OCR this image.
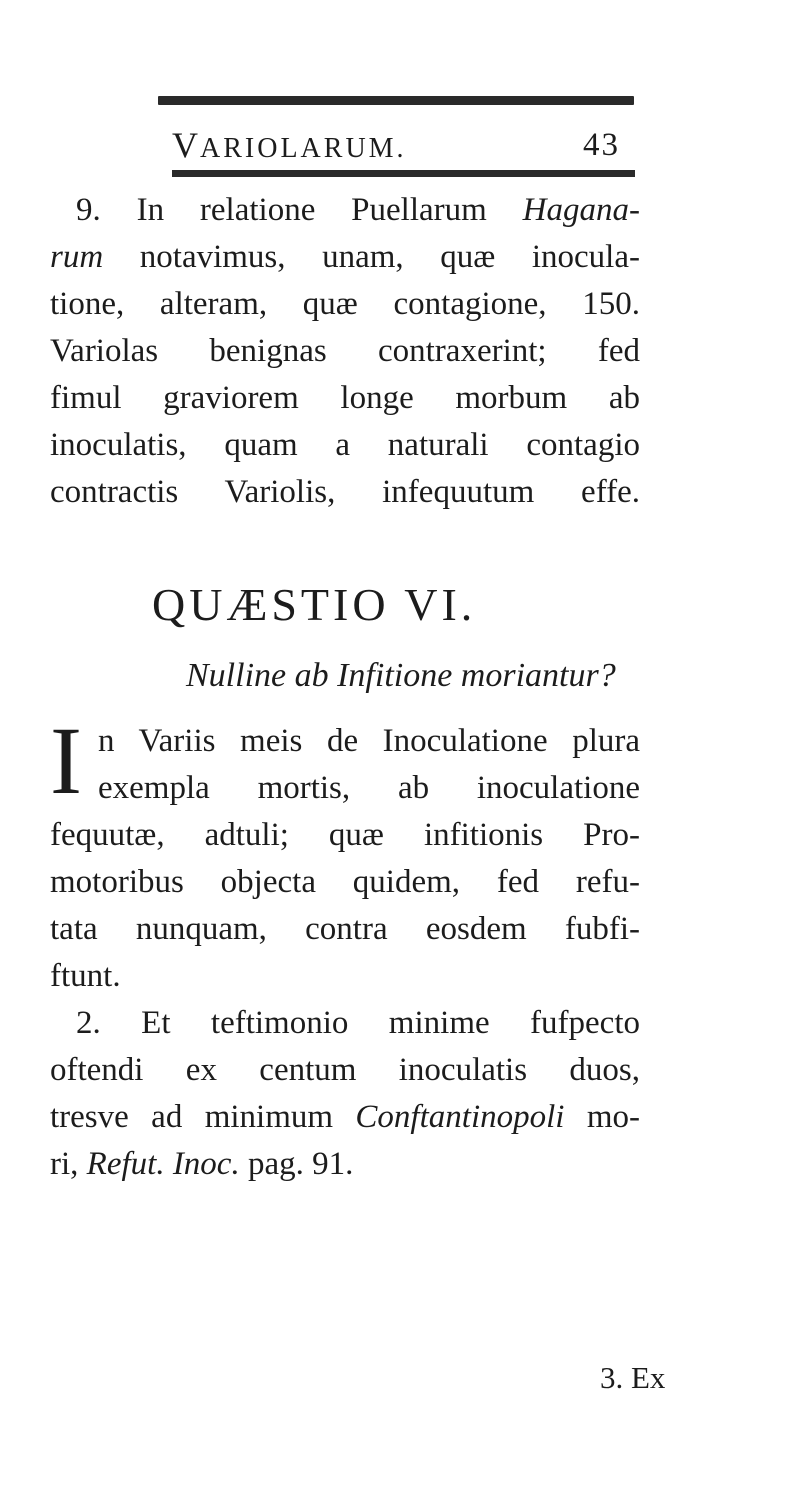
VARIOLARUM.	43
9. In relatione Puellarum Hagana-
rum notavimus, unam, quæ inocula-
tione, alteram, quæ contagione, 150.
Variolas benignas contraxerint; fed
fimul graviorem longe morbum ab
inoculatis, quam a naturali contagio
contractis Variolis, infequutum effe.
QUÆSTIO VI.
Nulline ab Infitione moriantur?
I n Variis meis de Inoculatione plura
exempla mortis, ab inoculatione
fequutæ, adtuli; quæ infitionis Pro-
motoribus objecta quidem, fed refu-
tata nunquam, contra eosdem fubfi-
ftunt.
2. Et teftimonio minime fufpecto
oftendi ex centum inoculatis duos,
tresve ad minimum Conftantinopoli mo-
ri, Refut. Inoc. pag. 91.
3. Ex
